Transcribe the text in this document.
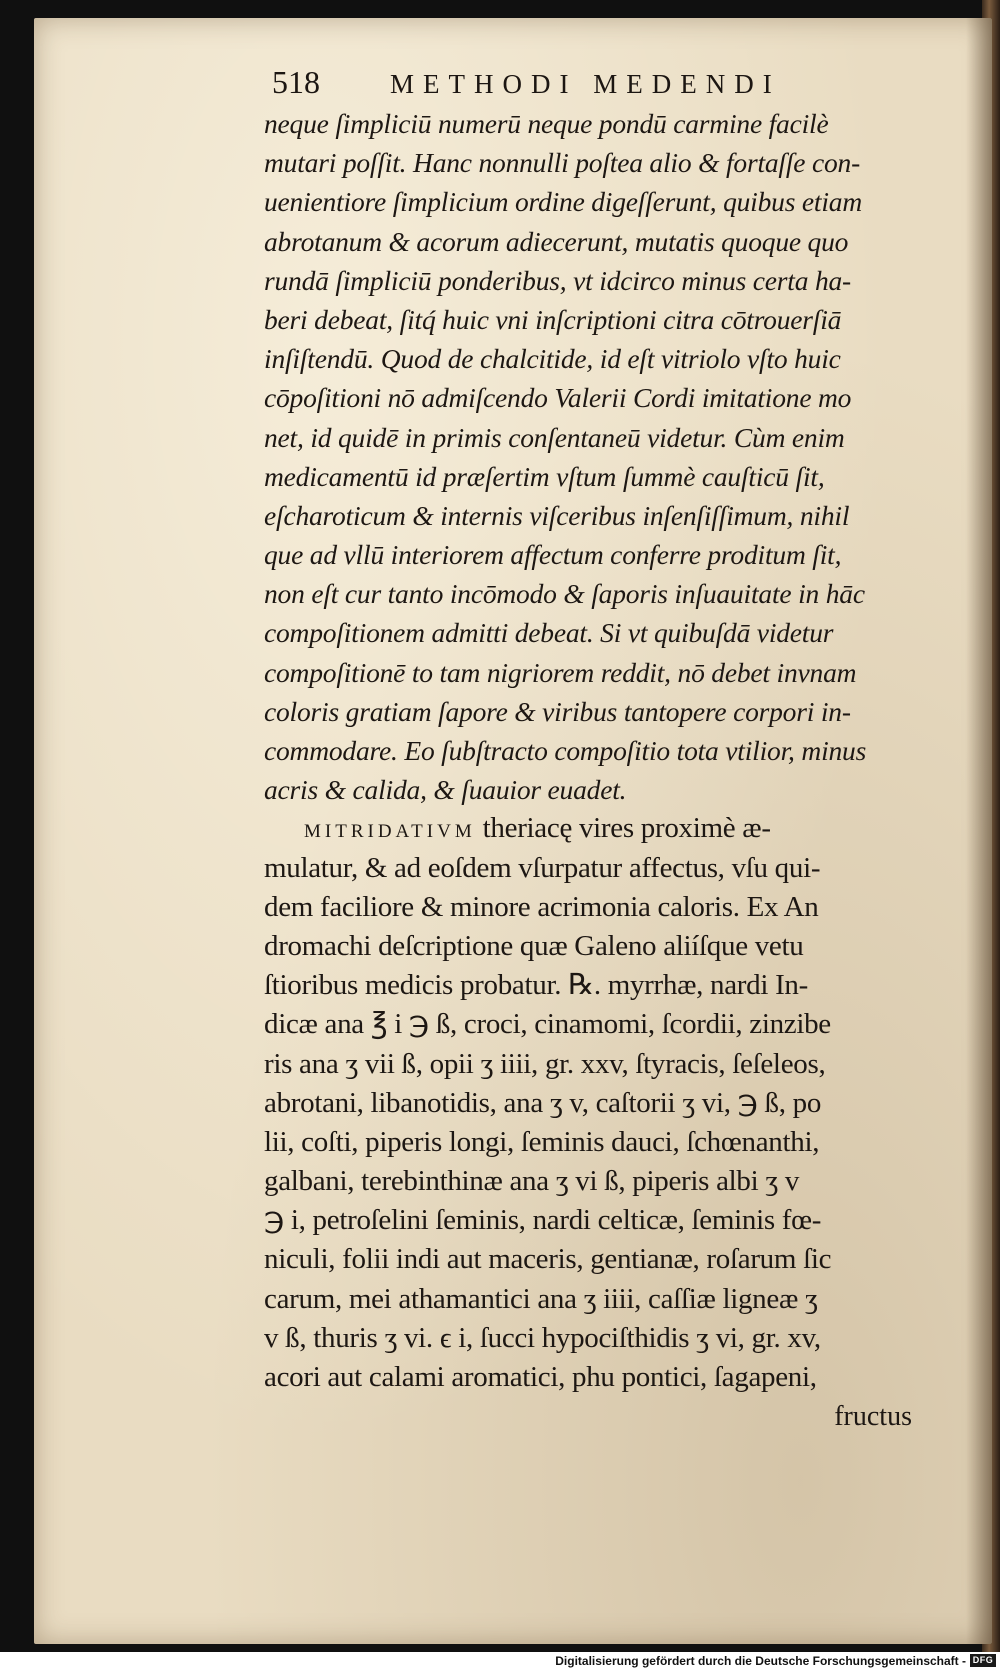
518	METHODI MEDENDI
neque ſimpliciū numerū neque pondū carmine facilè
mutari poſſit. Hanc nonnulli poſtea alio & fortaſſe con-
uenientiore ſimplicium ordine digeſſerunt, quibus etiam
abrotanum & acorum adiecerunt, mutatis quoque quo
rundā ſimpliciū ponderibus, vt idcirco minus certa ha-
beri debeat, ſitq́ huic vni inſcriptioni citra cōtrouerſiā
inſiſtendū. Quod de chalcitide, id eſt vitriolo vſto huic
cōpoſitioni nō admiſcendo Valerii Cordi imitatione mo
net, id quidē in primis conſentaneū videtur. Cùm enim
medicamentū id præſertim vſtum ſummè cauſticū ſit,
eſcharoticum & internis viſceribus inſenſiſſimum, nihil
que ad vllū interiorem affectum conferre proditum ſit,
non eſt cur tanto incōmodo & ſaporis inſuauitate in hāc
compoſitionem admitti debeat. Si vt quibuſdā videtur
compoſitionē to tam nigriorem reddit, nō debet invnam
coloris gratiam ſapore & viribus tantopere corpori in-
commodare. Eo ſubſtracto compoſitio tota vtilior, minus
acris & calida, & ſuauior euadet.
MITRIDATIVM theriacę vires proximè æ-
mulatur, & ad eoſdem vſurpatur affectus, vſu qui-
dem faciliore & minore acrimonia caloris. Ex An
dromachi deſcriptione quæ Galeno aliíſque vetu
ſtioribus medicis probatur. ℞. myrrhæ, nardi In-
dicæ ana ℥ i ℈ ß, croci, cinamomi, ſcordii, zinzibe
ris ana ʒ vii ß, opii ʒ iiii, gr. xxv, ſtyracis, ſeſeleos,
abrotani, libanotidis, ana ʒ v, caſtorii ʒ vi, ℈ ß, po
lii, coſti, piperis longi, ſeminis dauci, ſchœnanthi,
galbani, terebinthinæ ana ʒ vi ß, piperis albi ʒ v
℈ i, petroſelini ſeminis, nardi celticæ, ſeminis fœ-
niculi, folii indi aut maceris, gentianæ, roſarum ſic
carum, mei athamantici ana ʒ iiii, caſſiæ ligneæ ʒ
v ß, thuris ʒ vi. ϵ i, ſucci hypociſthidis ʒ vi, gr. xv,
acori aut calami aromatici, phu pontici, ſagapeni,
fructus
Digitalisierung gefördert durch die Deutsche Forschungsgemeinschaft - DFG
